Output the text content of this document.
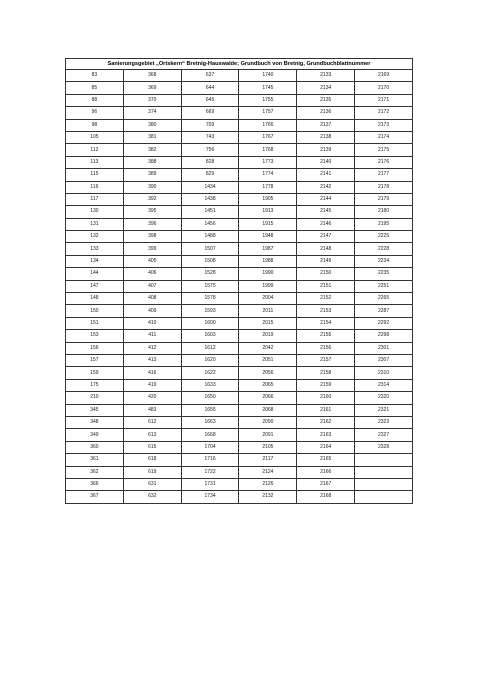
Sanierungsgebiet „Ortskern“ Bretnig-Hauswalde; Grundbuch von Bretnig, Grundbuchblattnummer					
83	368	637	1740	2133	2169
85	369	644	1745	2134	2170
88	370	645	1755	2135	2171
96	374	669	1757	2136	2172
98	380	709	1766	2137	2173
105	381	743	1767	2138	2174
112	382	756	1768	2139	2175
113	388	828	1773	2140	2176
115	389	829	1774	2141	2177
116	390	1434	1778	2142	2178
117	392	1438	1905	2144	2179
130	395	1451	1913	2145	2180
131	396	1456	1915	2146	2195
132	398	1488	1948	2147	2225
133	399	1507	1987	2148	2228
134	405	1508	1988	2149	2234
144	406	1528	1990	2150	2235
147	407	1575	1999	2151	2251
148	408	1578	2004	2152	2265
150	409	1593	2011	2153	2287
151	410	1600	2015	2154	2292
153	411	1603	2019	2155	2298
156	412	1612	2042	2156	2301
157	413	1620	2051	2157	2307
159	416	1622	2056	2158	2310
175	419	1633	2065	2159	2314
210	420	1650	2066	2160	2320
345	483	1655	2068	2161	2321
348	612	1663	2090	2162	2323
349	613	1668	2091	2163	2327
360	615	1704	2105	2164	2328
361	618	1716	2117	2165	
362	619	1722	2124	2166	
366	631	1731	2126	2167	
367	632	1734	2132	2168	
